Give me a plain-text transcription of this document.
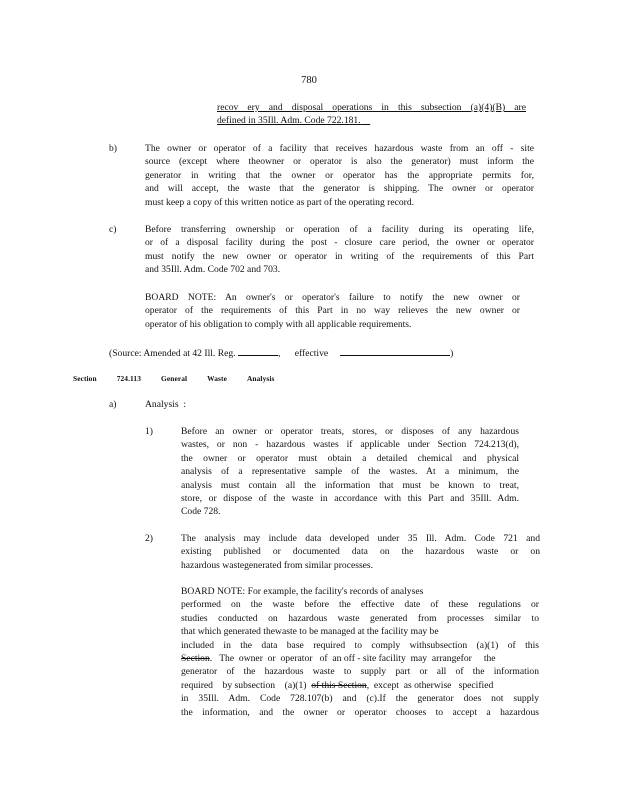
780
recov ery and disposal operations in this subsection (a)(4)(B) are
defined in 35Ill. Adm. Code 722.181.
b)	The owner or operator of a facility that receives hazardous waste from an off - site
source (except where theowner or operator is also the generator) must inform the
generator in writing that the owner or operator has the appropriate permits for,
and will accept, the waste that the generator is shipping. The owner or operator
must keep a copy of this written notice as part of the operating record.
c)	Before transferring ownership or operation of a facility during its operating life,
or of a disposal facility during the post - closure care period, the owner or operator
must notify the new owner or operator in writing of the requirements of this Part
and 35Ill. Adm. Code 702 and 703.
BOARD NOTE: An owner's or operator's failure to notify the new owner or
operator of the requirements of this Part in no way relieves the new owner or
operator of his obligation to comply with all applicable requirements.
(Source: Amended at 42 Ill. Reg.	,      effective	)
Section	724.113	General	Waste	Analysis
a)	Analysis  :
1)	Before an owner or operator treats, stores, or disposes of any hazardous
wastes, or non - hazardous wastes if applicable under Section 724.213(d),
the owner or operator must obtain a detailed chemical and physical
analysis of a representative sample of the wastes. At a minimum, the
analysis must contain all the information that must be known to treat,
store, or dispose of the waste in accordance with this Part and 35Ill. Adm.
Code 728.
2)	The analysis may include data developed under 35 Ill. Adm. Code 721 and
existing published or documented data on the hazardous waste or on
hazardous wastegenerated from similar processes.
BOARD NOTE: For example, the facility's records of analyses
performed on the waste before the effective date of these regulations or
studies conducted on hazardous waste generated from processes similar to
that which generated thewaste to be managed at the facility may be
included in the data base required to comply withsubsection (a)(1) of this
Section.   The  owner  or  operator   of  an off - site facility  may  arrangefor     the
generator of the hazardous waste to supply part or all of the information
required    by subsection    (a)(1) of this Section,  except  as otherwise   specified
in 35Ill. Adm. Code 728.107(b) and (c).If the generator does not supply
the information, and the owner or operator chooses to accept a hazardous
